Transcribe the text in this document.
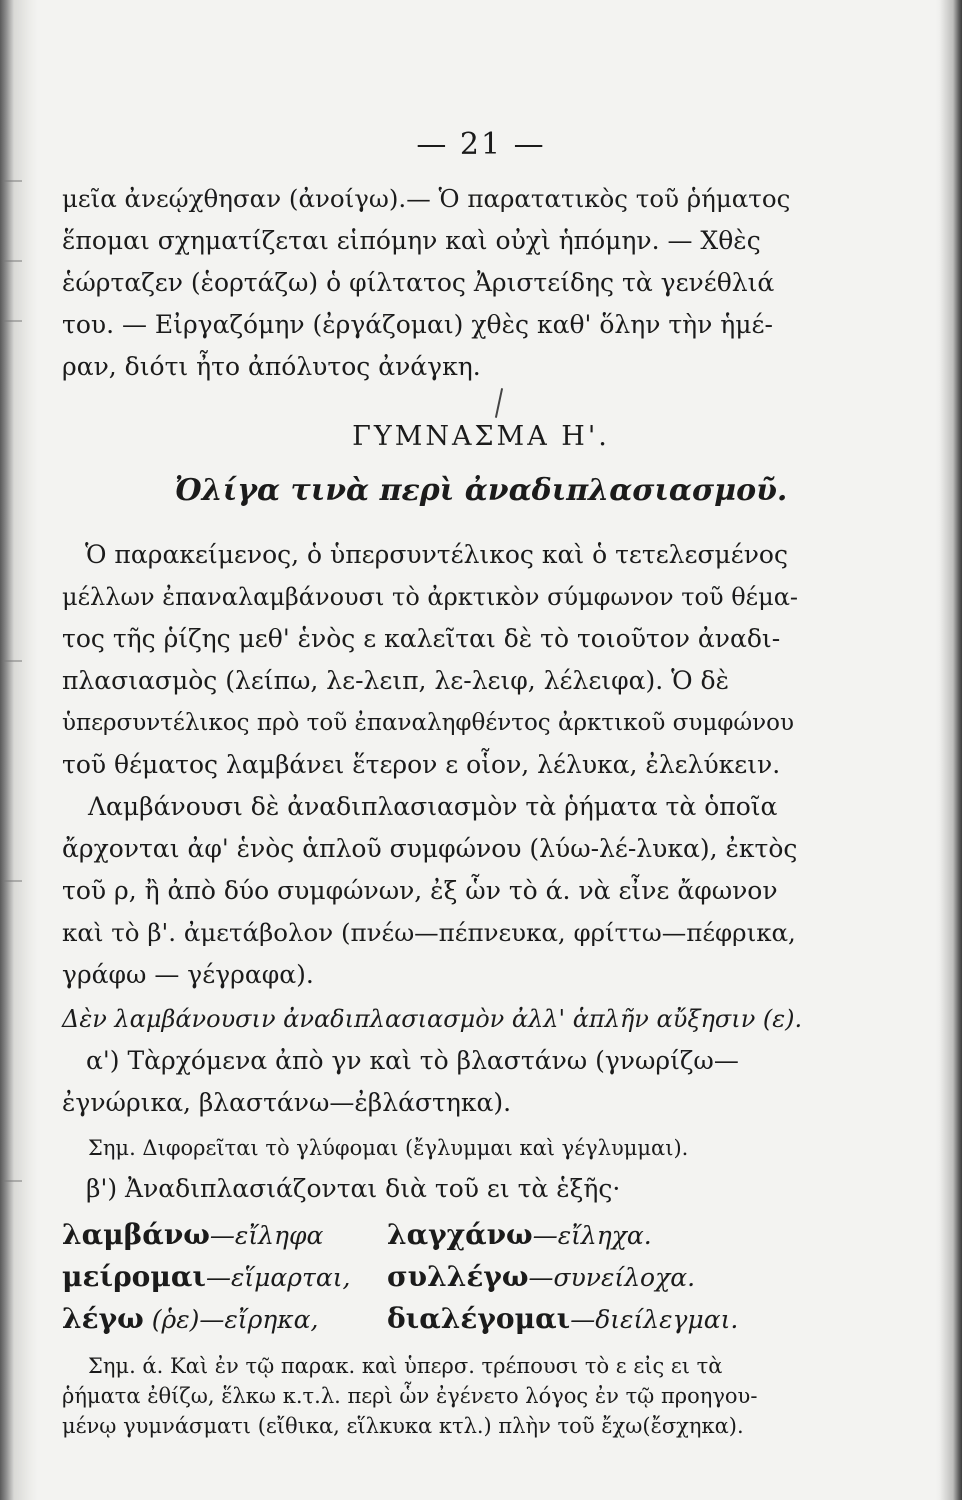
— 21 —
μεῖα ἀνεῴχθησαν (ἀνοίγω).— Ὁ παρατατικὸς τοῦ ῥήματος
ἕπομαι σχηματίζεται εἱπόμην καὶ οὐχὶ ἡπόμην. — Χθὲς
ἑώρταζεν (ἑορτάζω) ὁ φίλτατος Ἀριστείδης τὰ γενέθλιά
του. — Εἰργαζόμην (ἐργάζομαι) χθὲς καθ' ὅλην τὴν ἡμέ-
ραν, διότι ἦτο ἀπόλυτος ἀνάγκη.
ΓΥΜΝΑΣΜΑ Η'.
Ὀλίγα τινὰ περὶ ἀναδιπλασιασμοῦ.
Ὁ παρακείμενος, ὁ ὑπερσυντέλικος καὶ ὁ τετελεσμένος
μέλλων ἐπαναλαμβάνουσι τὸ ἀρκτικὸν σύμφωνον τοῦ θέμα-
τος τῆς ῥίζης μεθ' ἑνὸς ε καλεῖται δὲ τὸ τοιοῦτον ἀναδι-
πλασιασμὸς (λείπω, λε-λειπ, λε-λειφ, λέλειφα). Ὁ δὲ
ὑπερσυντέλικος πρὸ τοῦ ἐπαναληφθέντος ἀρκτικοῦ συμφώνου
τοῦ θέματος λαμβάνει ἕτερον ε οἷον, λέλυκα, ἐλελύκειν.
Λαμβάνουσι δὲ ἀναδιπλασιασμὸν τὰ ῥήματα τὰ ὁποῖα
ἄρχονται ἀφ' ἑνὸς ἁπλοῦ συμφώνου (λύω-λέ-λυκα), ἐκτὸς
τοῦ ρ, ἢ ἀπὸ δύο συμφώνων, ἐξ ὧν τὸ ά. νὰ εἶνε ἄφωνον
καὶ τὸ β'. ἀμετάβολον (πνέω—πέπνευκα, φρίττω—πέφρικα,
γράφω — γέγραφα).
Δὲν λαμβάνουσιν ἀναδιπλασιασμὸν ἀλλ' ἁπλῆν αὔξησιν (ε).
α') Τὰρχόμενα ἀπὸ γν καὶ τὸ βλαστάνω (γνωρίζω—
ἐγνώρικα, βλαστάνω—ἐβλάστηκα).
Σημ. Διφορεῖται τὸ γλύφομαι (ἔγλυμμαι καὶ γέγλυμμαι).
β') Ἀναδιπλασιάζονται διὰ τοῦ ει τὰ ἑξῆς·
λαμβάνω—εἴληφα λαγχάνω—εἴληχα.
μείρομαι—εἵμαρται, συλλέγω—συνείλοχα.
λέγω (ῥε)—εἴρηκα, διαλέγομαι—διείλεγμαι.
Σημ. ά. Καὶ ἐν τῷ παρακ. καὶ ὑπερσ. τρέπουσι τὸ ε εἰς ει τὰ
ῥήματα ἐθίζω, ἕλκω κ.τ.λ. περὶ ὧν ἐγένετο λόγος ἐν τῷ προηγου-
μένῳ γυμνάσματι (εἴθικα, εἵλκυκα κτλ.) πλὴν τοῦ ἔχω(ἔσχηκα).
